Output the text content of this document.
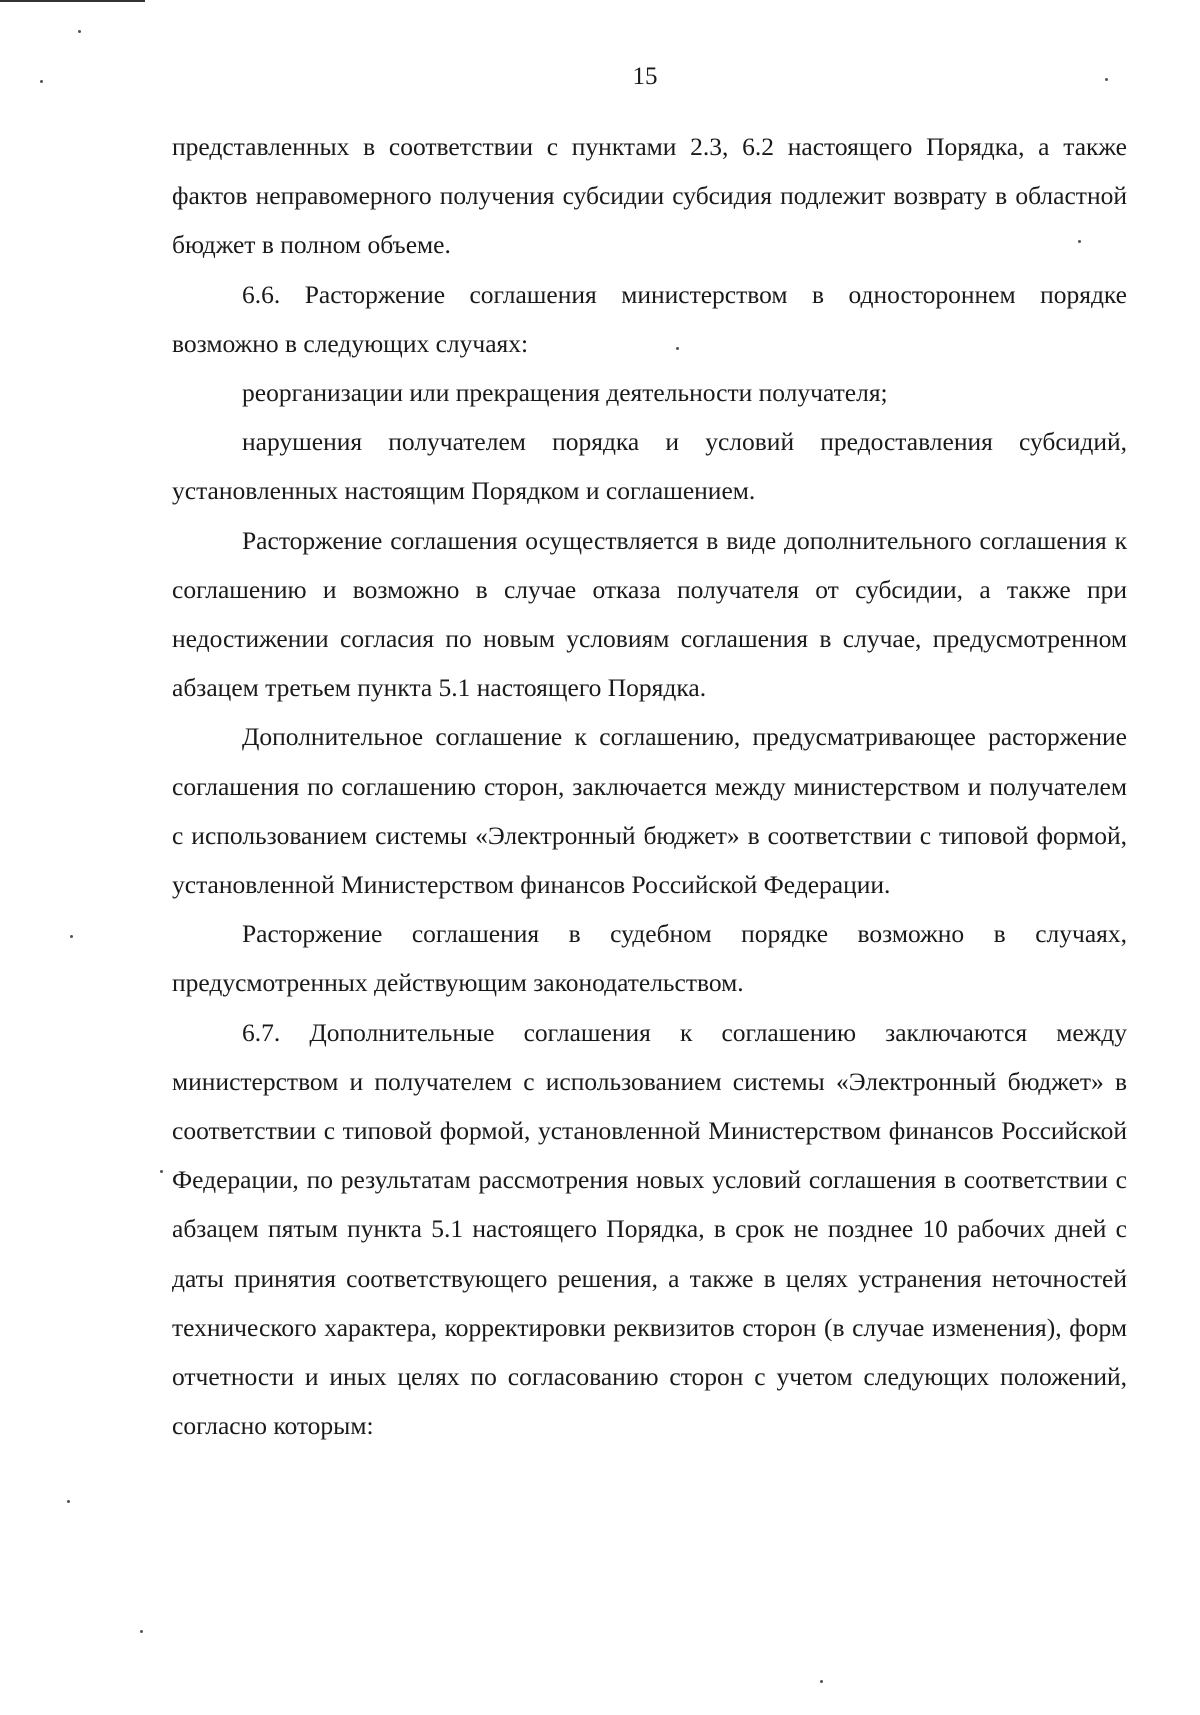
15

представленных в соответствии с пунктами 2.3, 6.2 настоящего Порядка, а также фактов неправомерного получения субсидии субсидия подлежит возврату в областной бюджет в полном объеме.

6.6. Расторжение соглашения министерством в одностороннем порядке возможно в следующих случаях:

реорганизации или прекращения деятельности получателя;

нарушения получателем порядка и условий предоставления субсидий, установленных настоящим Порядком и соглашением.

Расторжение соглашения осуществляется в виде дополнительного соглашения к соглашению и возможно в случае отказа получателя от субсидии, а также при недостижении согласия по новым условиям соглашения в случае, предусмотренном абзацем третьем пункта 5.1 настоящего Порядка.

Дополнительное соглашение к соглашению, предусматривающее расторжение соглашения по соглашению сторон, заключается между министерством и получателем с использованием системы «Электронный бюджет» в соответствии с типовой формой, установленной Министерством финансов Российской Федерации.

Расторжение соглашения в судебном порядке возможно в случаях, предусмотренных действующим законодательством.

6.7. Дополнительные соглашения к соглашению заключаются между министерством и получателем с использованием системы «Электронный бюджет» в соответствии с типовой формой, установленной Министерством финансов Российской Федерации, по результатам рассмотрения новых условий соглашения в соответствии с абзацем пятым пункта 5.1 настоящего Порядка, в срок не позднее 10 рабочих дней с даты принятия соответствующего решения, а также в целях устранения неточностей технического характера, корректировки реквизитов сторон (в случае изменения), форм отчетности и иных целях по согласованию сторон с учетом следующих положений, согласно которым:
